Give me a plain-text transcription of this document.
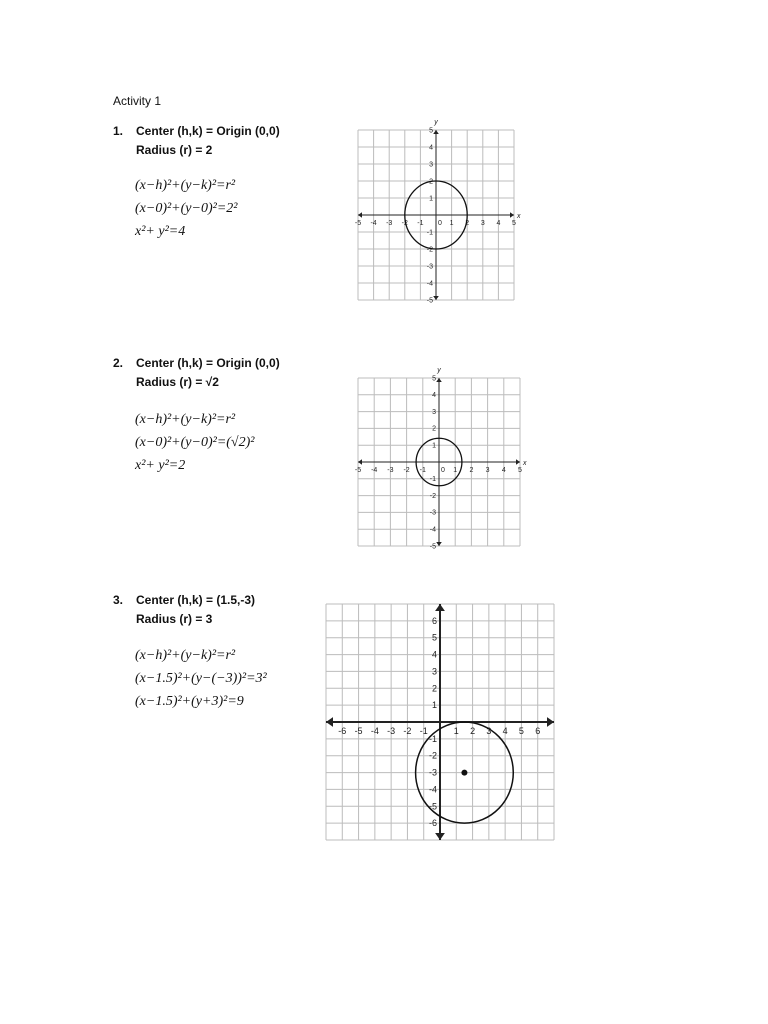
Activity 1
1. Center (h,k) = Origin (0,0)
Radius (r) = 2
(x−h)²+(y−k)²=r²
(x−0)²+(y−0)²=2²
x²+ y²=4
-5 -4 -3 -2 -1 0 1 2 3 4 5
-5
-4
-3
-2
-1
1
2
3
4
5
x
y
2. Center (h,k) = Origin (0,0)
Radius (r) = √2
(x−h)²+(y−k)²=r²
(x−0)²+(y−0)²=(√2)²
x²+ y²=2	-5 -4 -3 -2 -1 0 1 2 3 4 5
-5
-4
-3
-2
-1
1
2
3
4
5
x
y
3. Center (h,k) = (1.5,-3)
Radius (r) = 3
(x−h)²+(y−k)²=r²
(x−1.5)²+(y−(−3))²=3²
(x−1.5)²+(y+3)²=9
-6 -5 -4 -3 -2 -1	1 2 3 4 5 6
-6
-5
-4
-3
-2
-1
1
2
3
4
5
6
